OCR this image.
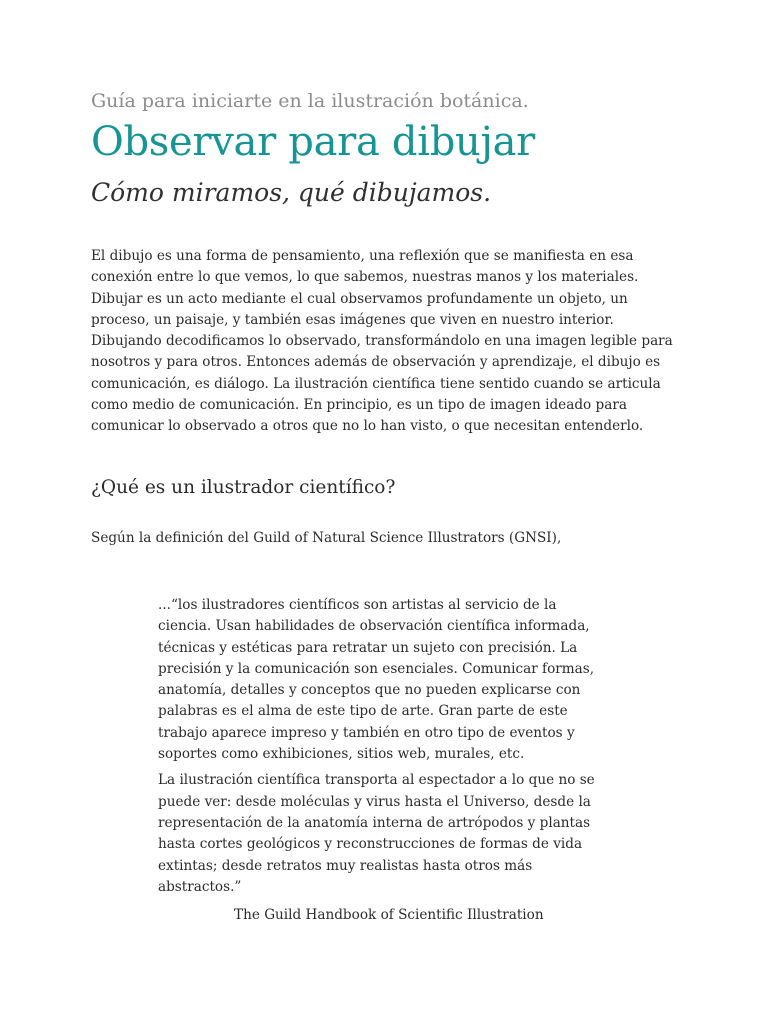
Guía para iniciarte en la ilustración botánica.
Observar para dibujar
Cómo miramos, qué dibujamos.

El dibujo es una forma de pensamiento, una reflexión que se manifiesta en esa conexión entre lo que vemos, lo que sabemos, nuestras manos y los materiales. Dibujar es un acto mediante el cual observamos profundamente un objeto, un proceso, un paisaje, y también esas imágenes que viven en nuestro interior. Dibujando decodificamos lo observado, transformándolo en una imagen legible para nosotros y para otros. Entonces además de observación y aprendizaje, el dibujo es comunicación, es diálogo. La ilustración científica tiene sentido cuando se articula como medio de comunicación. En principio, es un tipo de imagen ideado para comunicar lo observado a otros que no lo han visto, o que necesitan entenderlo.

¿Qué es un ilustrador científico?

Según la definición del Guild of Natural Science Illustrators (GNSI),

...“los ilustradores científicos son artistas al servicio de la ciencia. Usan habilidades de observación científica informada, técnicas y estéticas para retratar un sujeto con precisión. La precisión y la comunicación son esenciales. Comunicar formas, anatomía, detalles y conceptos que no pueden explicarse con palabras es el alma de este tipo de arte. Gran parte de este trabajo aparece impreso y también en otro tipo de eventos y soportes como exhibiciones, sitios web, murales, etc.

La ilustración científica transporta al espectador a lo que no se puede ver: desde moléculas y virus hasta el Universo, desde la representación de la anatomía interna de artrópodos y plantas hasta cortes geológicos y reconstrucciones de formas de vida extintas; desde retratos muy realistas hasta otros más abstractos.”

The Guild Handbook of Scientific Illustration
